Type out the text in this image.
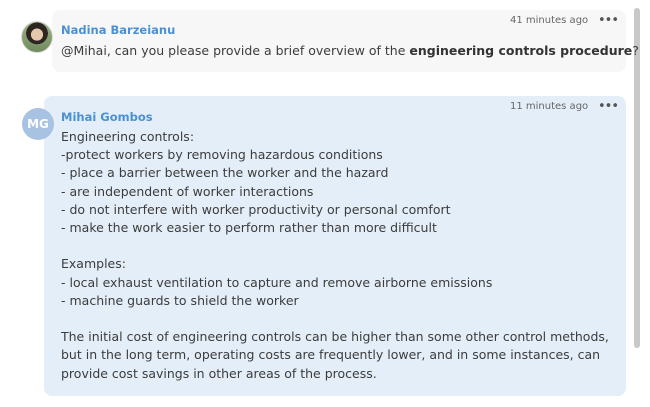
Nadina Barzeianu
41 minutes ago •••
@Mihai, can you please provide a brief overview of the engineering controls procedure?
MG	Mihai Gombos
11 minutes ago •••
Engineering controls:
-protect workers by removing hazardous conditions
- place a barrier between the worker and the hazard
- are independent of worker interactions
- do not interfere with worker productivity or personal comfort
- make the work easier to perform rather than more difficult

Examples:
- local exhaust ventilation to capture and remove airborne emissions
- machine guards to shield the worker

The initial cost of engineering controls can be higher than some other control methods,
but in the long term, operating costs are frequently lower, and in some instances, can
provide cost savings in other areas of the process.
